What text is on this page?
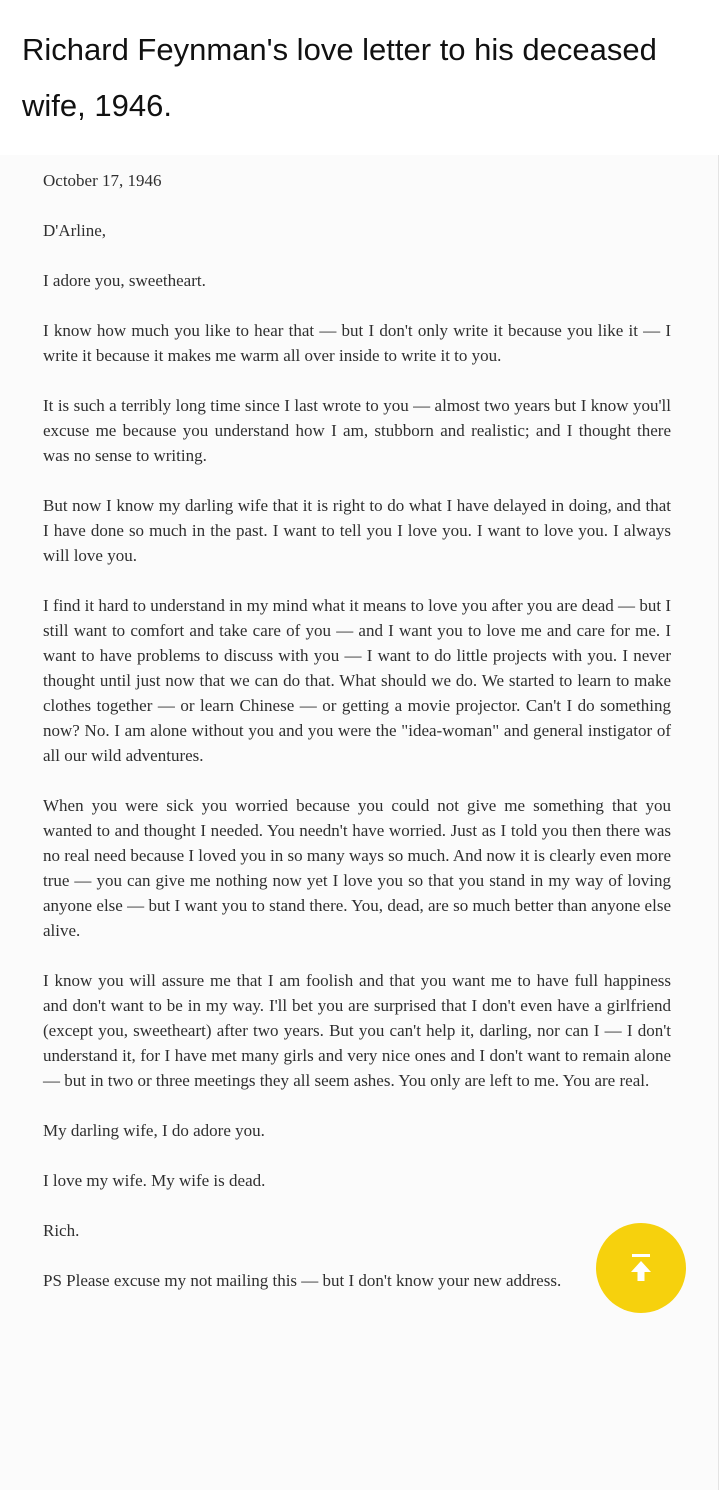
Richard Feynman's love letter to his deceased wife, 1946.

October 17, 1946

D'Arline,

I adore you, sweetheart.

I know how much you like to hear that — but I don't only write it because you like it — I write it because it makes me warm all over inside to write it to you.

It is such a terribly long time since I last wrote to you — almost two years but I know you'll excuse me because you understand how I am, stubborn and realistic; and I thought there was no sense to writing.

But now I know my darling wife that it is right to do what I have delayed in doing, and that I have done so much in the past. I want to tell you I love you. I want to love you. I always will love you.

I find it hard to understand in my mind what it means to love you after you are dead — but I still want to comfort and take care of you — and I want you to love me and care for me. I want to have problems to discuss with you — I want to do little projects with you. I never thought until just now that we can do that. What should we do. We started to learn to make clothes together — or learn Chinese — or getting a movie projector. Can't I do something now? No. I am alone without you and you were the "idea-woman" and general instigator of all our wild adventures.

When you were sick you worried because you could not give me something that you wanted to and thought I needed. You needn't have worried. Just as I told you then there was no real need because I loved you in so many ways so much. And now it is clearly even more true — you can give me nothing now yet I love you so that you stand in my way of loving anyone else — but I want you to stand there. You, dead, are so much better than anyone else alive.

I know you will assure me that I am foolish and that you want me to have full happiness and don't want to be in my way. I'll bet you are surprised that I don't even have a girlfriend (except you, sweetheart) after two years. But you can't help it, darling, nor can I — I don't understand it, for I have met many girls and very nice ones and I don't want to remain alone — but in two or three meetings they all seem ashes. You only are left to me. You are real.

My darling wife, I do adore you.

I love my wife. My wife is dead.

Rich.

PS Please excuse my not mailing this — but I don't know your new address.
